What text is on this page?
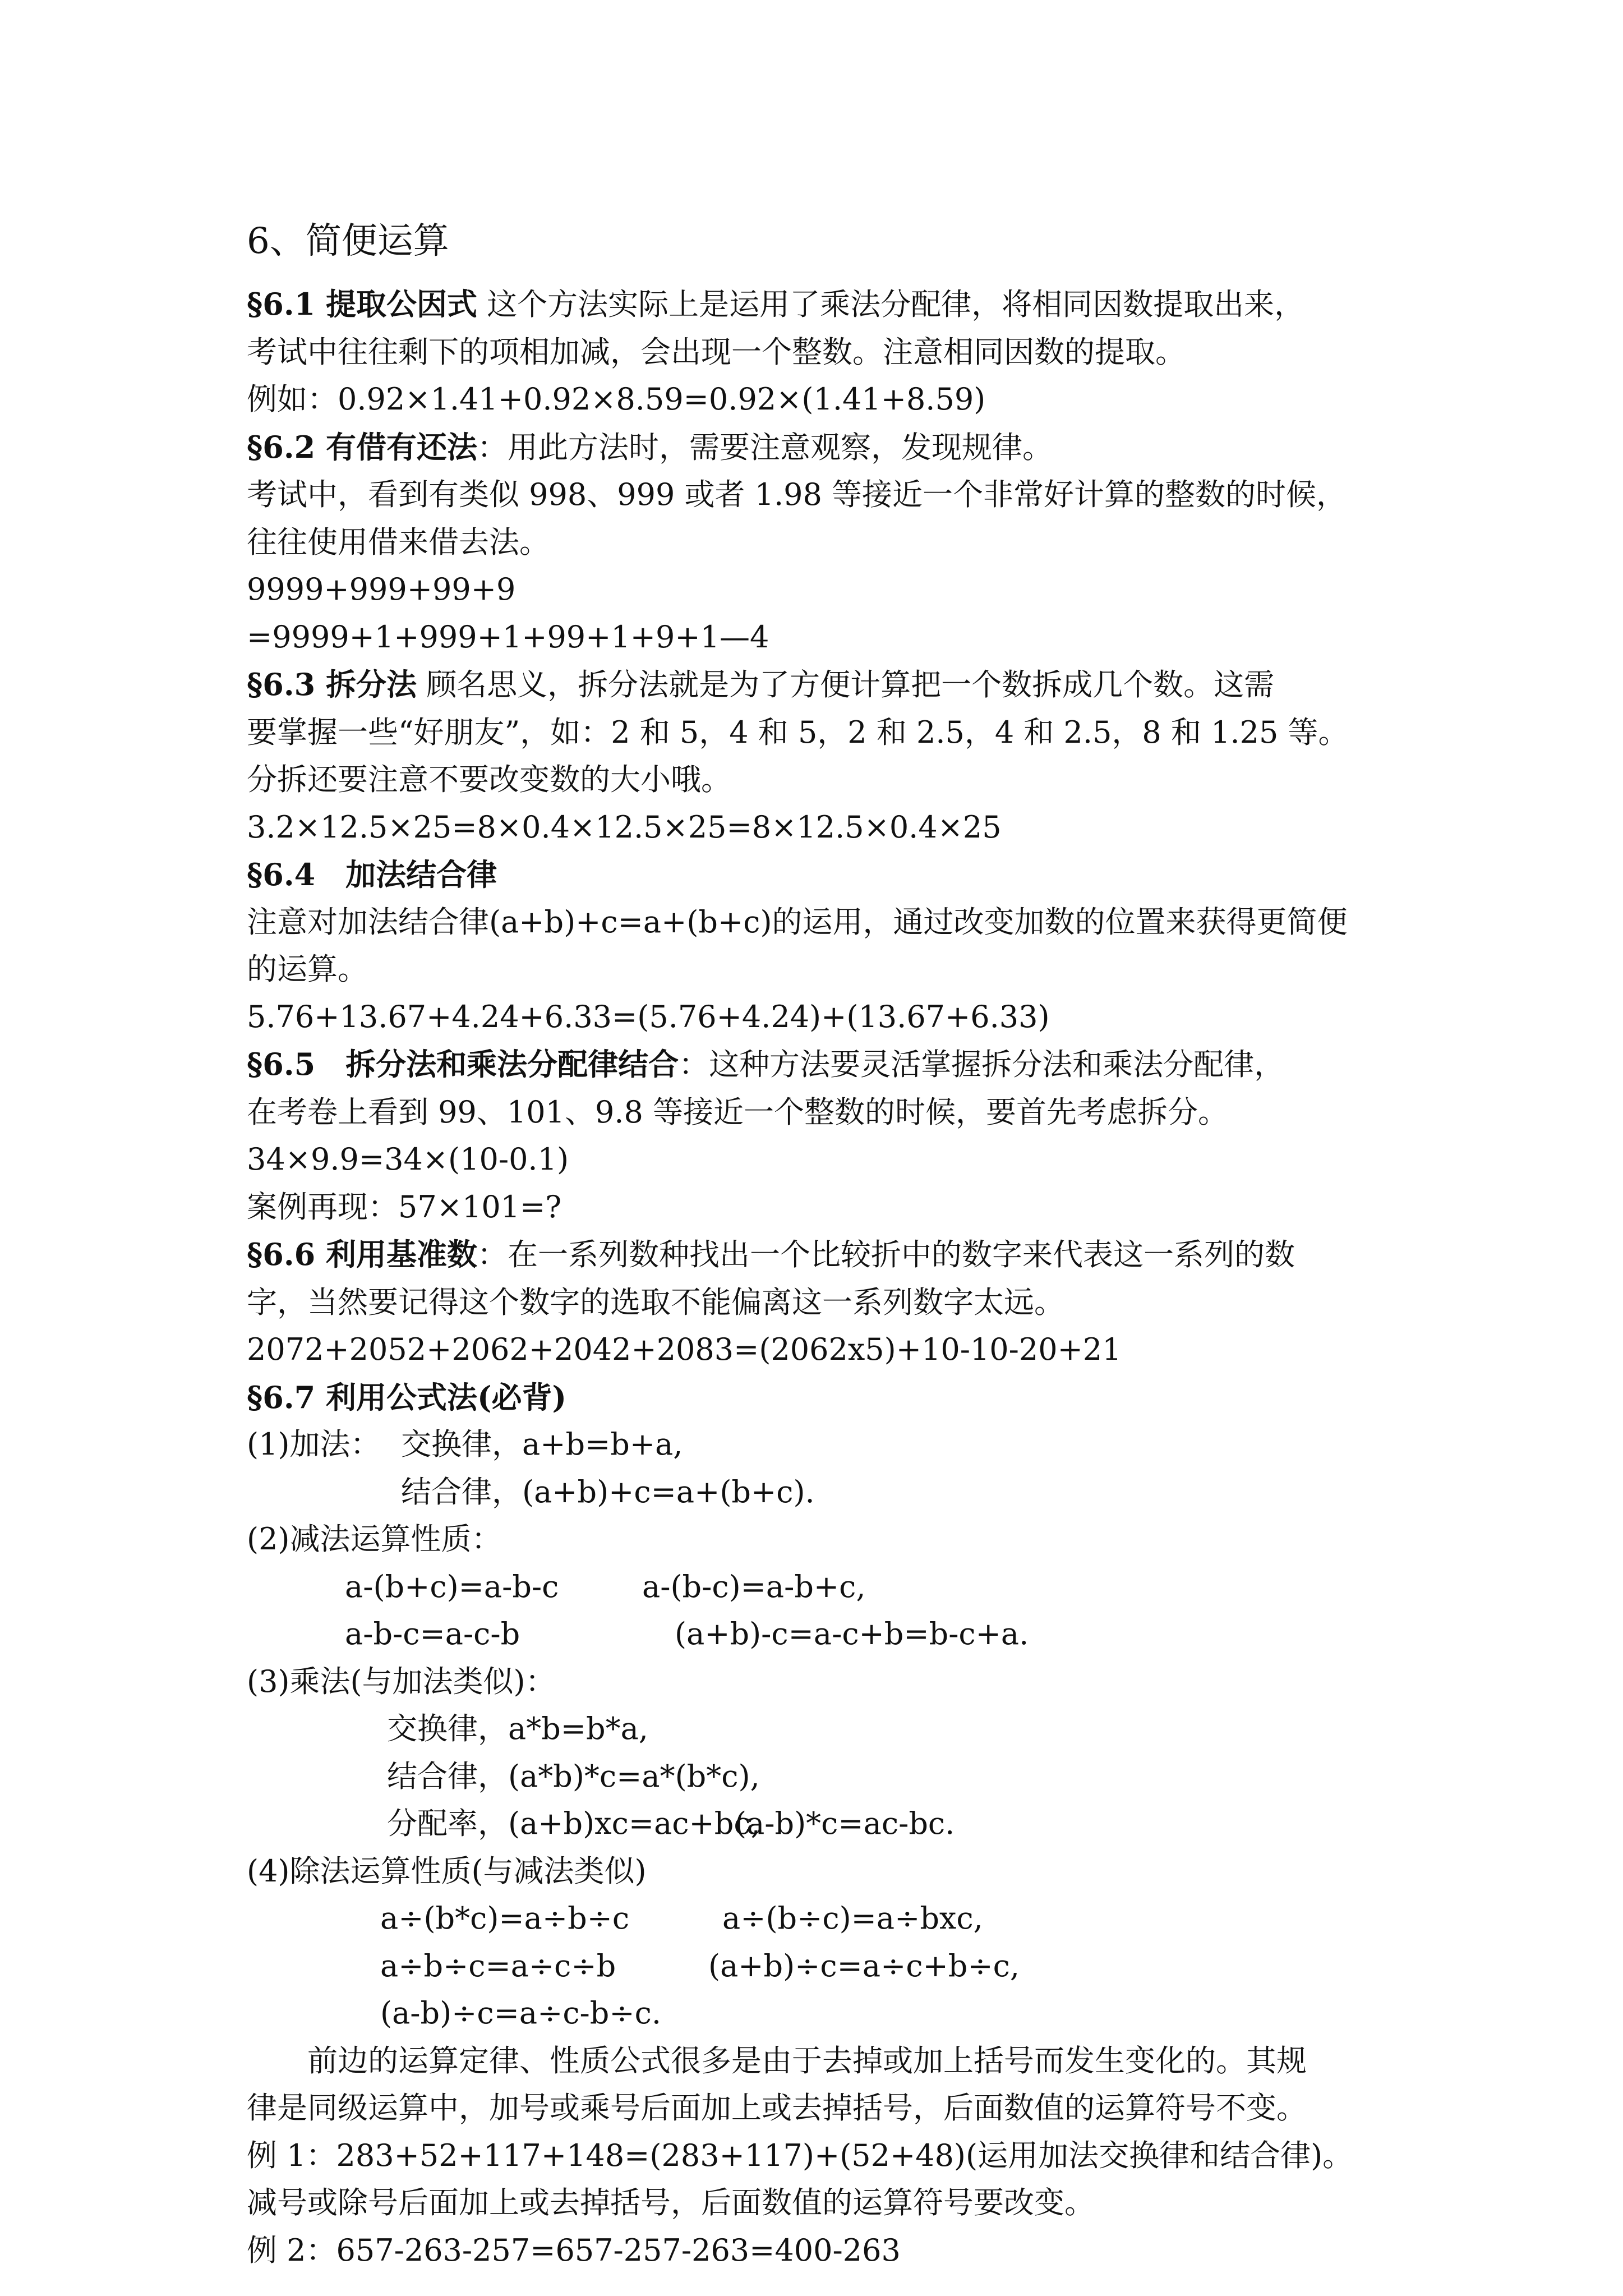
6、简便运算

§6.1 提取公因式 这个方法实际上是运用了乘法分配律，将相同因数提取出来，

考试中往往剩下的项相加减，会出现一个整数。注意相同因数的提取。

例如：0.92×1.41+0.92×8.59=0.92×(1.41+8.59)

§6.2 有借有还法：用此方法时，需要注意观察，发现规律。

考试中，看到有类似 998、999 或者 1.98 等接近一个非常好计算的整数的时候，

往往使用借来借去法。

9999+999+99+9

=9999+1+999+1+99+1+9+1—4

§6.3 拆分法 顾名思义，拆分法就是为了方便计算把一个数拆成几个数。这需

要掌握一些“好朋友”，如：2 和 5，4 和 5，2 和 2.5，4 和 2.5，8 和 1.25 等。

分拆还要注意不要改变数的大小哦。

3.2×12.5×25=8×0.4×12.5×25=8×12.5×0.4×25

§6.4　加法结合律

注意对加法结合律(a+b)+c=a+(b+c)的运用，通过改变加数的位置来获得更简便

的运算。

5.76+13.67+4.24+6.33=(5.76+4.24)+(13.67+6.33)

§6.5　拆分法和乘法分配律结合：这种方法要灵活掌握拆分法和乘法分配律，

在考卷上看到 99、101、9.8 等接近一个整数的时候，要首先考虑拆分。

34×9.9=34×(10-0.1)

案例再现：57×101=?

§6.6 利用基准数：在一系列数种找出一个比较折中的数字来代表这一系列的数

字，当然要记得这个数字的选取不能偏离这一系列数字太远。

2072+2052+2062+2042+2083=(2062x5)+10-10-20+21

§6.7 利用公式法(必背)

(1)加法： 交换律，a+b=b+a,

结合律，(a+b)+c=a+(b+c).

(2)减法运算性质：

a-(b+c)=a-b-c	a-(b-c)=a-b+c,

a-b-c=a-c-b	(a+b)-c=a-c+b=b-c+a.

(3)乘法(与加法类似)：

交换律，a*b=b*a,

结合律，(a*b)*c=a*(b*c),

分配率，(a+b)xc=ac+bc,(a-b)*c=ac-bc.

(4)除法运算性质(与减法类似)

a÷(b*c)=a÷b÷c	a÷(b÷c)=a÷bxc,

a÷b÷c=a÷c÷b	(a+b)÷c=a÷c+b÷c,

(a-b)÷c=a÷c-b÷c.

前边的运算定律、性质公式很多是由于去掉或加上括号而发生变化的。其规

律是同级运算中，加号或乘号后面加上或去掉括号，后面数值的运算符号不变。

例 1：283+52+117+148=(283+117)+(52+48)(运用加法交换律和结合律)。

减号或除号后面加上或去掉括号，后面数值的运算符号要改变。

例 2：657-263-257=657-257-263=400-263
